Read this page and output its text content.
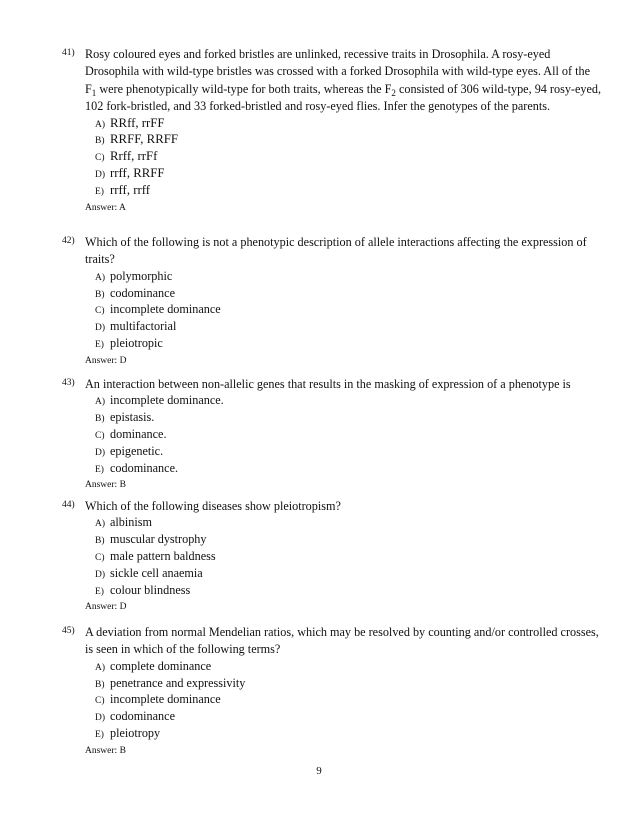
41) Rosy coloured eyes and forked bristles are unlinked, recessive traits in Drosophila. A rosy-eyed Drosophila with wild-type bristles was crossed with a forked Drosophila with wild-type eyes. All of the $F_1$ were phenotypically wild-type for both traits, whereas the $F_2$ consisted of 306 wild-type, 94 rosy-eyed, 102 fork-bristled, and 33 forked-bristled and rosy-eyed flies. Infer the genotypes of the parents.
A) RRff, rrFF
B) RRFF, RRFF
C) Rrff, rrFf
D) rrff, RRFF
E) rrff, rrff
Answer: A
42) Which of the following is not a phenotypic description of allele interactions affecting the expression of traits?
A) polymorphic
B) codominance
C) incomplete dominance
D) multifactorial
E) pleiotropic
Answer: D
43) An interaction between non-allelic genes that results in the masking of expression of a phenotype is
A) incomplete dominance.
B) epistasis.
C) dominance.
D) epigenetic.
E) codominance.
Answer: B
44) Which of the following diseases show pleiotropism?
A) albinism
B) muscular dystrophy
C) male pattern baldness
D) sickle cell anaemia
E) colour blindness
Answer: D
45) A deviation from normal Mendelian ratios, which may be resolved by counting and/or controlled crosses, is seen in which of the following terms?
A) complete dominance
B) penetrance and expressivity
C) incomplete dominance
D) codominance
E) pleiotropy
Answer: B
9
